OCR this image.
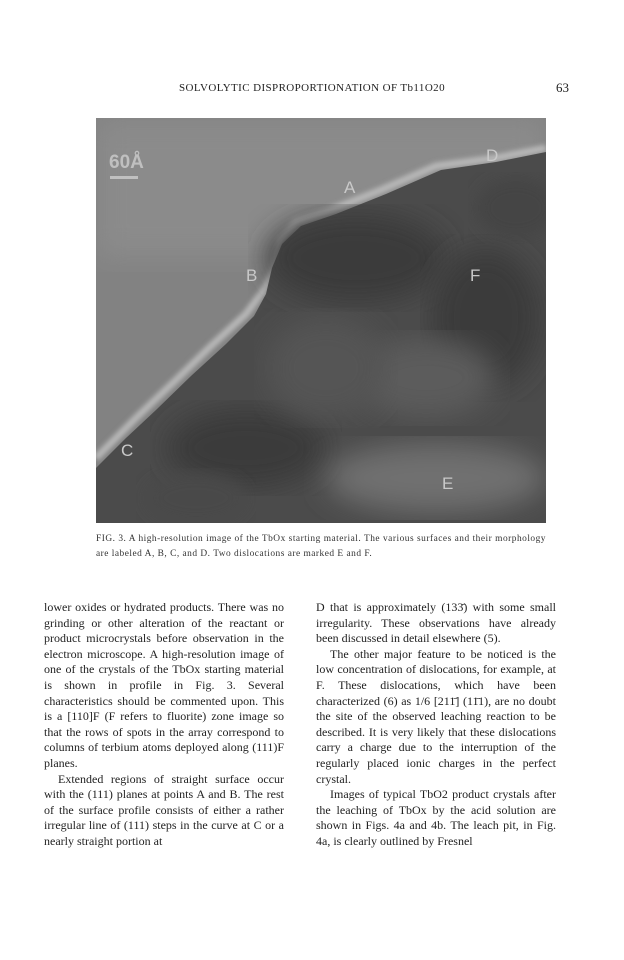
SOLVOLYTIC DISPROPORTIONATION OF Tb11O20	63
60Å
A
B
C
D
E
F
FIG. 3. A high-resolution image of the TbOx starting material. The various surfaces and their morphology are labeled A, B, C, and D. Two dislocations are marked E and F.

lower oxides or hydrated products. There was no grinding or other alteration of the reactant or product microcrystals before observation in the electron microscope. A high-resolution image of one of the crystals of the TbOx starting material is shown in profile in Fig. 3. Several characteristics should be commented upon. This is a [110]F (F refers to fluorite) zone image so that the rows of spots in the array correspond to columns of terbium atoms deployed along (111)F planes.

Extended regions of straight surface occur with the (111) planes at points A and B. The rest of the surface profile consists of either a rather irregular line of (111) steps in the curve at C or a nearly straight portion at

D that is approximately (133̄) with some small irregularity. These observations have already been discussed in detail elsewhere (5).

The other major feature to be noticed is the low concentration of dislocations, for example, at F. These dislocations, which have been characterized (6) as 1/6 [211̄] (11̄1), are no doubt the site of the observed leaching reaction to be described. It is very likely that these dislocations carry a charge due to the interruption of the regularly placed ionic charges in the perfect crystal.

Images of typical TbO2 product crystals after the leaching of TbOx by the acid solution are shown in Figs. 4a and 4b. The leach pit, in Fig. 4a, is clearly outlined by Fresnel
